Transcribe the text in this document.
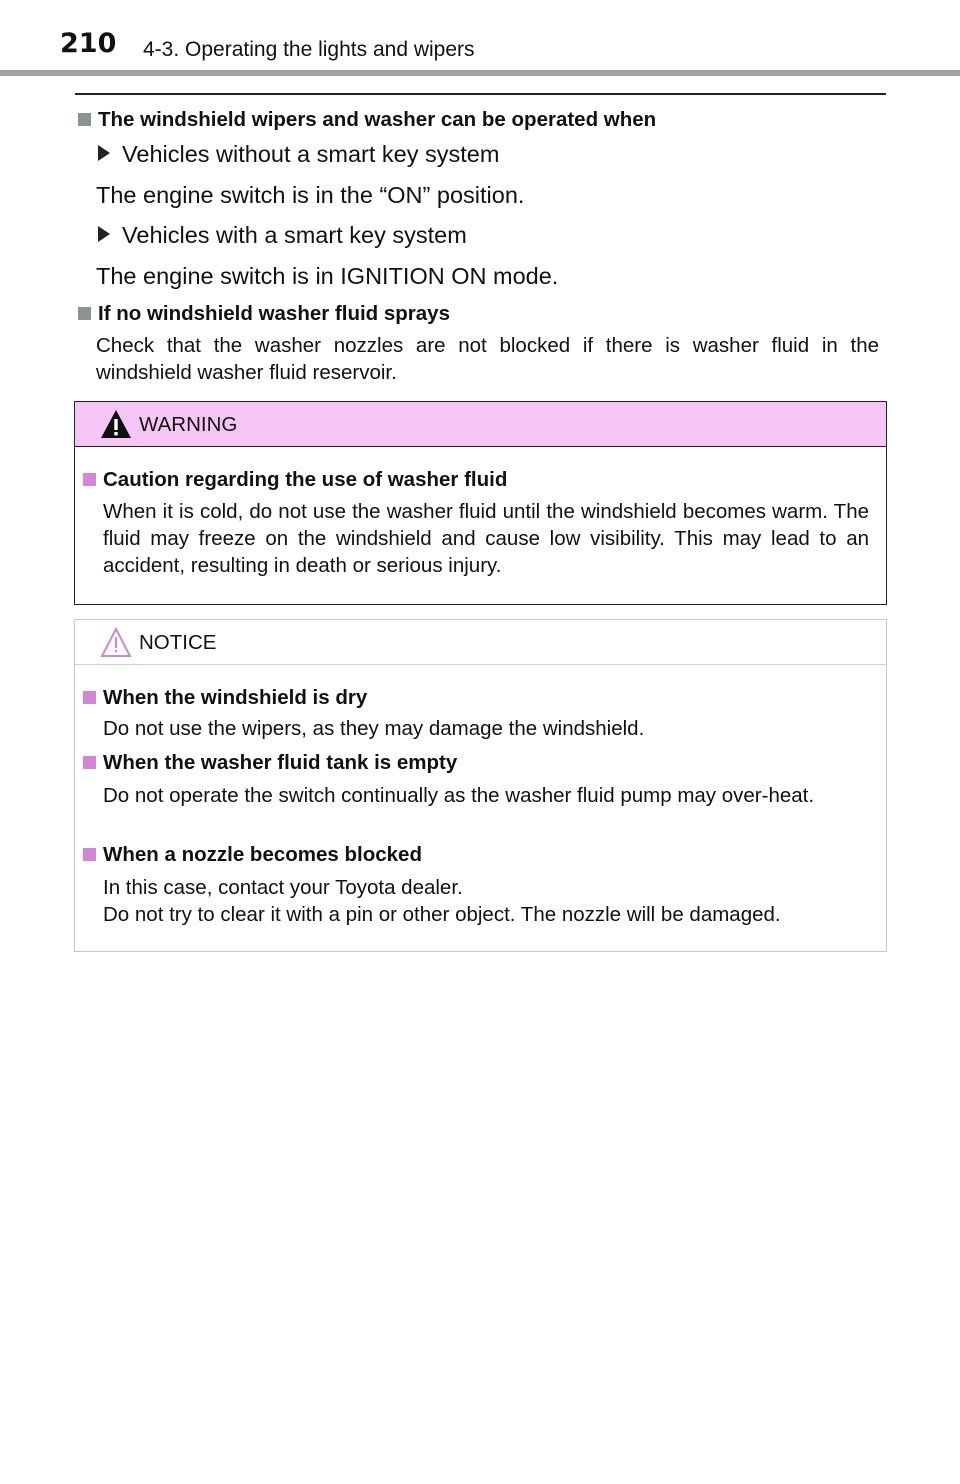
210 4-3. Operating the lights and wipers
The windshield wipers and washer can be operated when
Vehicles without a smart key system
The engine switch is in the “ON” position.
Vehicles with a smart key system
The engine switch is in IGNITION ON mode.
If no windshield washer fluid sprays
Check that the washer nozzles are not blocked if there is washer fluid in the windshield washer fluid reservoir.
WARNING
Caution regarding the use of washer fluid
When it is cold, do not use the washer fluid until the windshield becomes warm. The fluid may freeze on the windshield and cause low visibility. This may lead to an accident, resulting in death or serious injury.
NOTICE
When the windshield is dry
Do not use the wipers, as they may damage the windshield.
When the washer fluid tank is empty
Do not operate the switch continually as the washer fluid pump may over-heat.
When a nozzle becomes blocked
In this case, contact your Toyota dealer.
Do not try to clear it with a pin or other object. The nozzle will be damaged.
